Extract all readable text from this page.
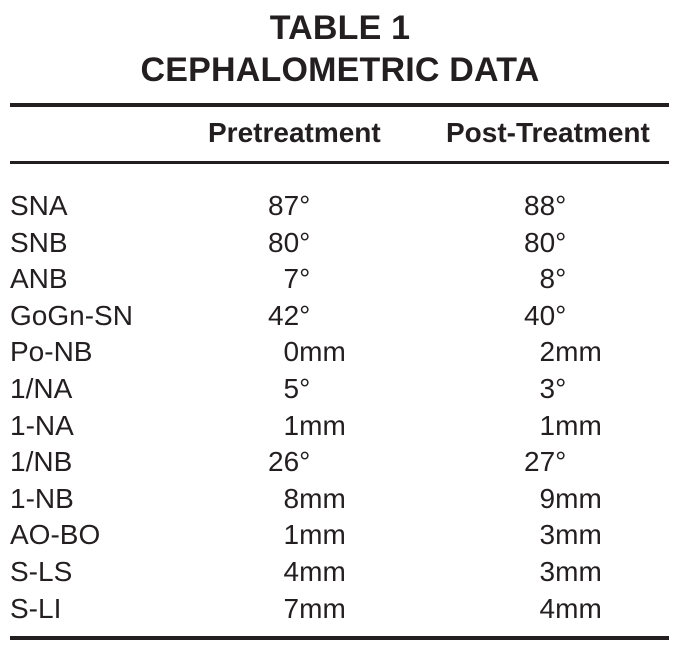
TABLE 1
CEPHALOMETRIC DATA
Pretreatment Post-Treatment
SNA	87°	88°
SNB	80°	80°
ANB	7°	8°
GoGn-SN	42°	40°
Po-NB	0mm	2mm
1/NA	5°	3°
1-NA	1mm	1mm
1/NB	26°	27°
1-NB	8mm	9mm
AO-BO	1mm	3mm
S-LS	4mm	3mm
S-LI	7mm	4mm
